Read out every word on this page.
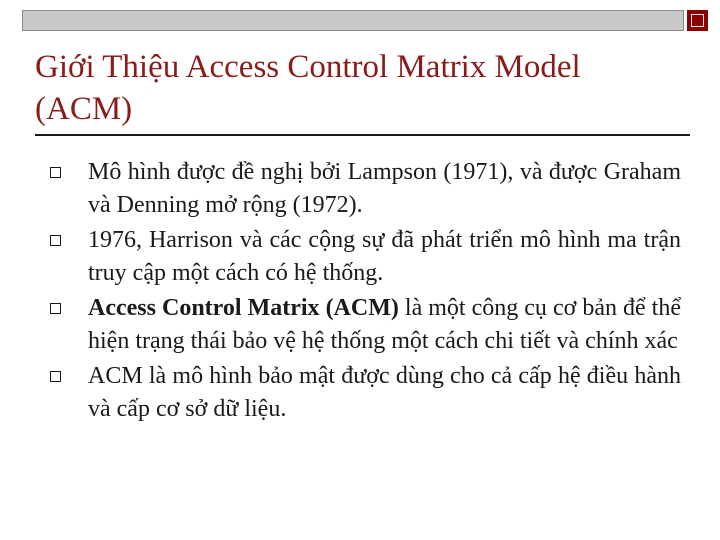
Giới Thiệu Access Control Matrix Model (ACM)
Mô hình được đề nghị bởi Lampson (1971), và được Graham và Denning mở rộng (1972).
1976, Harrison và các cộng sự đã phát triển mô hình ma trận truy cập một cách có hệ thống.
Access Control Matrix (ACM) là một công cụ cơ bản để thể hiện trạng thái bảo vệ hệ thống một cách chi tiết và chính xác
ACM là mô hình bảo mật được dùng cho cả cấp hệ điều hành và cấp cơ sở dữ liệu.
